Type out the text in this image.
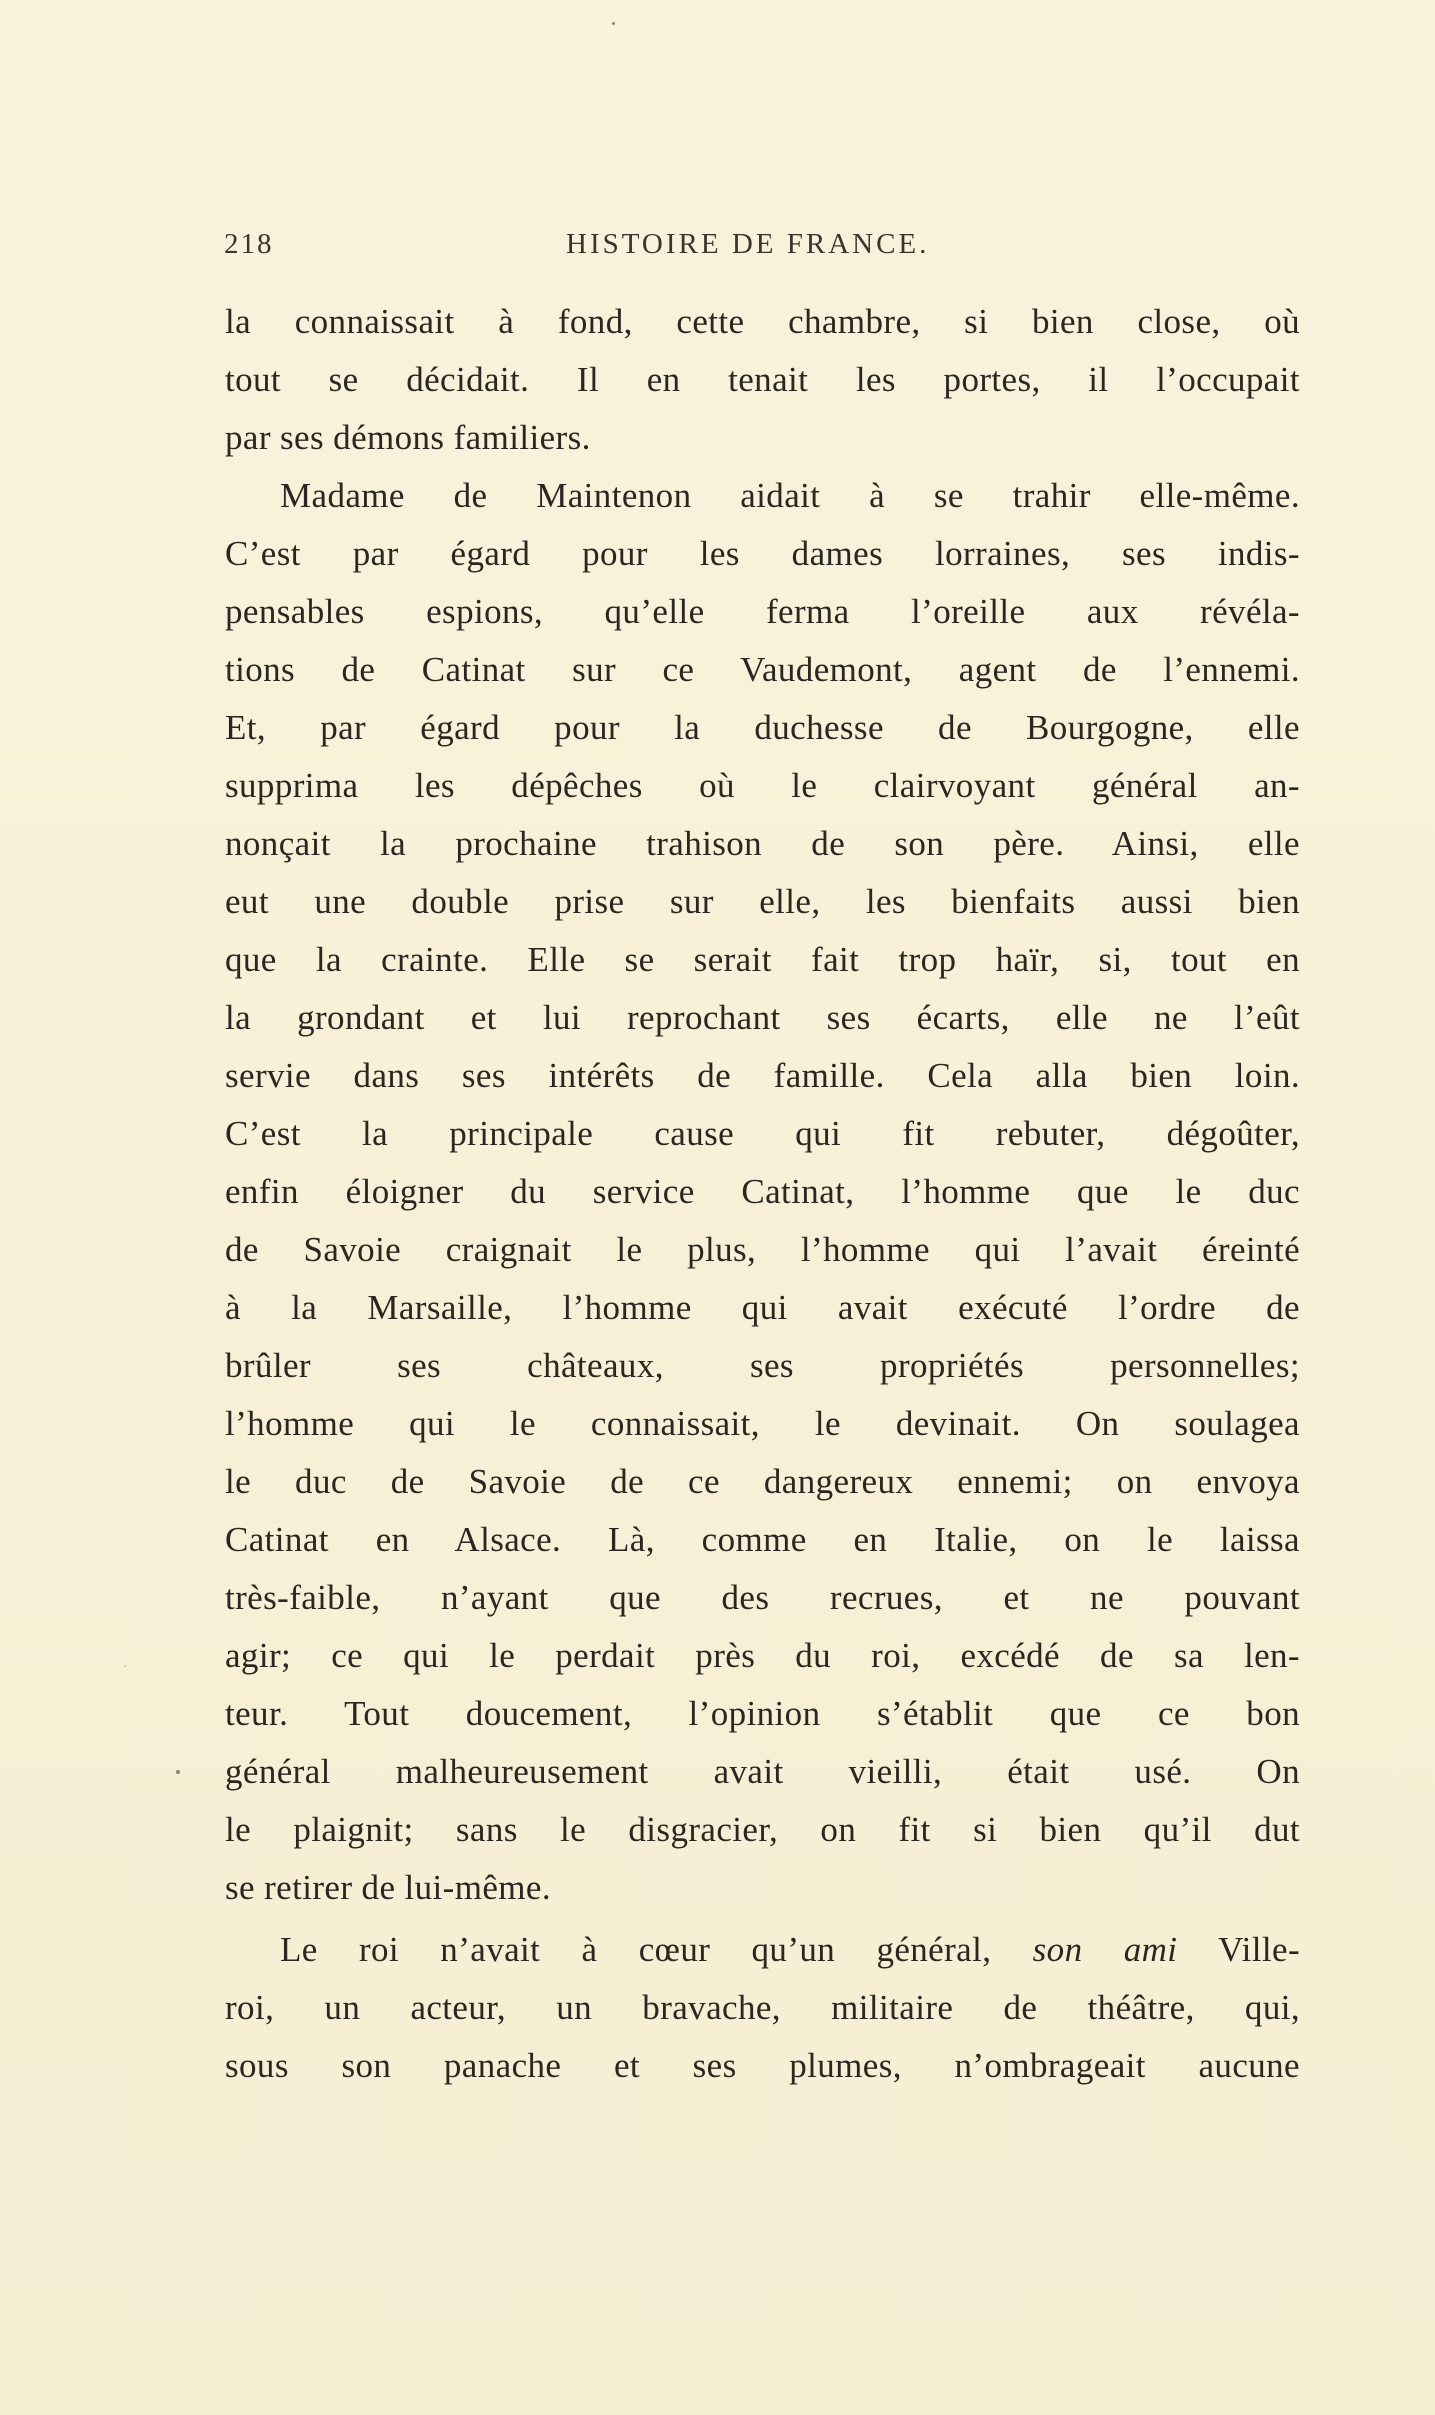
218	HISTOIRE DE FRANCE.
la connaissait à fond, cette chambre, si bien close, où
tout se décidait. Il en tenait les portes, il l’occupait
par ses démons familiers.
Madame de Maintenon aidait à se trahir elle-même.
C’est par égard pour les dames lorraines, ses indis-
pensables espions, qu’elle ferma l’oreille aux révéla-
tions de Catinat sur ce Vaudemont, agent de l’ennemi.
Et, par égard pour la duchesse de Bourgogne, elle
supprima les dépêches où le clairvoyant général an-
nonçait la prochaine trahison de son père. Ainsi, elle
eut une double prise sur elle, les bienfaits aussi bien
que la crainte. Elle se serait fait trop haïr, si, tout en
la grondant et lui reprochant ses écarts, elle ne l’eût
servie dans ses intérêts de famille. Cela alla bien loin.
C’est la principale cause qui fit rebuter, dégoûter,
enfin éloigner du service Catinat, l’homme que le duc
de Savoie craignait le plus, l’homme qui l’avait éreinté
à la Marsaille, l’homme qui avait exécuté l’ordre de
brûler ses châteaux, ses propriétés personnelles;
l’homme qui le connaissait, le devinait. On soulagea
le duc de Savoie de ce dangereux ennemi; on envoya
Catinat en Alsace. Là, comme en Italie, on le laissa
très-faible, n’ayant que des recrues, et ne pouvant
agir; ce qui le perdait près du roi, excédé de sa len-
teur. Tout doucement, l’opinion s’établit que ce bon
général malheureusement avait vieilli, était usé. On
le plaignit; sans le disgracier, on fit si bien qu’il dut
se retirer de lui-même.
Le roi n’avait à cœur qu’un général, son ami Ville-
roi, un acteur, un bravache, militaire de théâtre, qui,
sous son panache et ses plumes, n’ombrageait aucune
